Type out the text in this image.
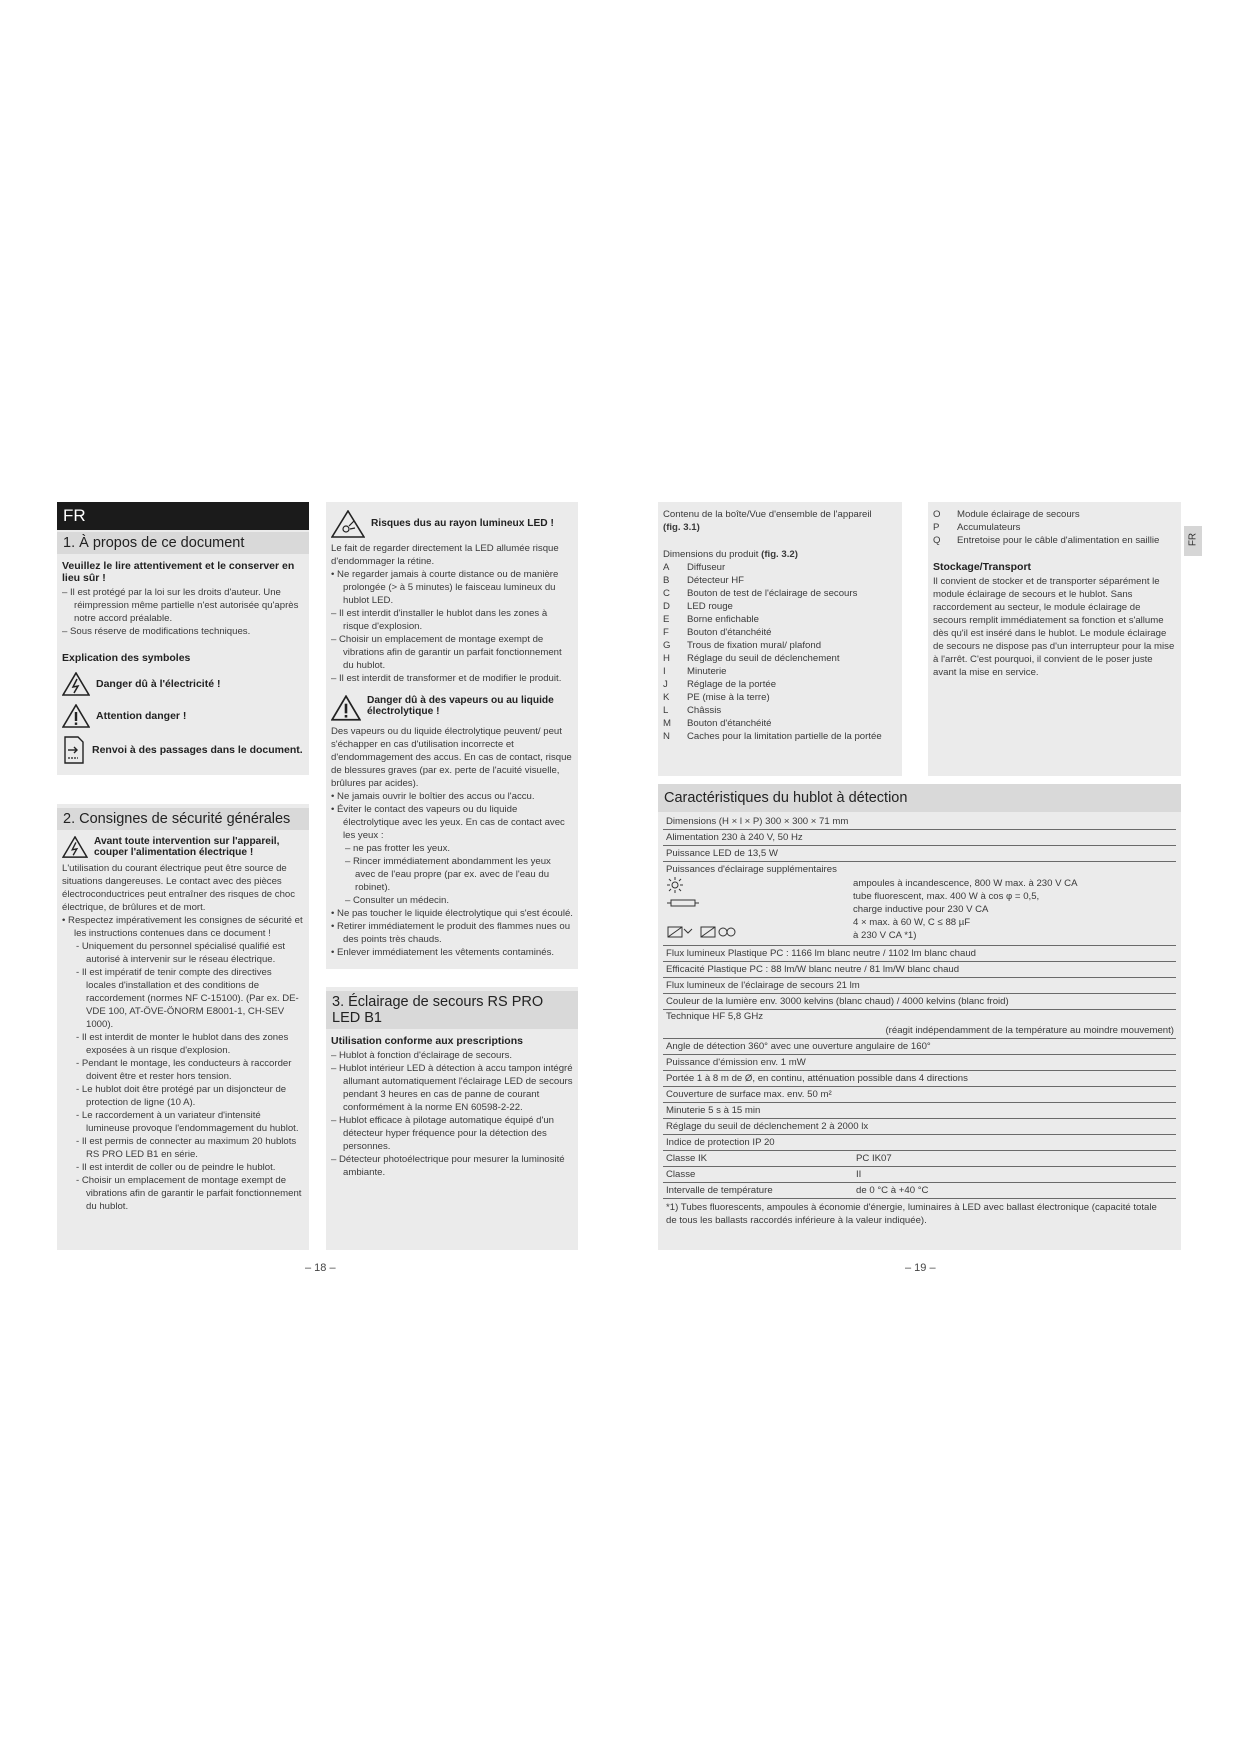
1. À propos de ce document
Veuillez le lire attentivement et le conserver en lieu sûr !

– Il est protégé par la loi sur les droits d'auteur. Une réimpression même partielle n'est autorisée qu'après notre accord préalable.

– Sous réserve de modifications techniques.

Explication des symboles
Danger dû à l'électricité !
Attention danger !
Renvoi à des passages dans le document.
FR
2. Consignes de sécurité générales
Avant toute intervention sur l'appareil, couper l'alimentation électrique !

L'utilisation du courant électrique peut être source de situations dangereuses. Le contact avec des pièces électroconductrices peut entraîner des risques de choc électrique, de brûlures et de mort.

• Respectez impérativement les consignes de sécurité et les instructions contenues dans ce document !

- Uniquement du personnel spécialisé qualifié est autorisé à intervenir sur le réseau électrique.

- Il est impératif de tenir compte des directives locales d'installation et des conditions de raccordement (normes NF C-15100). (Par ex. DE-VDE 100, AT-ÖVE-ÖNORM E8001-1, CH-SEV 1000).

- Il est interdit de monter le hublot dans des zones exposées à un risque d'explosion.

- Pendant le montage, les conducteurs à raccorder doivent être et rester hors tension.

- Le hublot doit être protégé par un disjoncteur de protection de ligne (10 A).

- Le raccordement à un variateur d'intensité lumineuse provoque l'endommagement du hublot.

- Il est permis de connecter au maximum 20 hublots RS PRO LED B1 en série.

- Il est interdit de coller ou de peindre le hublot.

- Choisir un emplacement de montage exempt de vibrations afin de garantir le parfait fonctionnement du hublot.

Risques dus au rayon lumineux LED !

Le fait de regarder directement la LED allumée risque d'endommager la rétine.

• Ne regarder jamais à courte distance ou de manière prolongée (> à 5 minutes) le faisceau lumineux du hublot LED.

– Il est interdit d'installer le hublot dans les zones à risque d'explosion.

– Choisir un emplacement de montage exempt de vibrations afin de garantir un parfait fonctionnement du hublot.

– Il est interdit de transformer et de modifier le produit.

Danger dû à des vapeurs ou au liquide électrolytique !

Des vapeurs ou du liquide électrolytique peuvent/ peut s'échapper en cas d'utilisation incorrecte et d'endommagement des accus. En cas de contact, risque de blessures graves (par ex. perte de l'acuité visuelle, brûlures par acides).

• Ne jamais ouvrir le boîtier des accus ou l'accu.

• Éviter le contact des vapeurs ou du liquide électrolytique avec les yeux. En cas de contact avec les yeux :

– ne pas frotter les yeux.

– Rincer immédiatement abondamment les yeux avec de l'eau propre (par ex. avec de l'eau du robinet).

– Consulter un médecin.

• Ne pas toucher le liquide électrolytique qui s'est écoulé.

• Retirer immédiatement le produit des flammes nues ou des points très chauds.

• Enlever immédiatement les vêtements contaminés.

3. Éclairage de secours RS PRO LED B1
Utilisation conforme aux prescriptions

– Hublot à fonction d'éclairage de secours.

– Hublot intérieur LED à détection à accu tampon intégré allumant automatiquement l'éclairage LED de secours pendant 3 heures en cas de panne de courant conformément à la norme EN 60598-2-22.

– Hublot efficace à pilotage automatique équipé d'un détecteur hyper fréquence pour la détection des personnes.

– Détecteur photoélectrique pour mesurer la luminosité ambiante.

– 18 –

Contenu de la boîte/Vue d'ensemble de l'appareil

(fig. 3.1)

Dimensions du produit (fig. 3.2)

A	Diffuseur
B	Détecteur HF
C	Bouton de test de l'éclairage de secours
D	LED rouge
E	Borne enfichable
F	Bouton d'étanchéité
G	Trous de fixation mural/ plafond
H	Réglage du seuil de déclenchement
I	Minuterie
J	Réglage de la portée
K	PE (mise à la terre)
L	Châssis
M	Bouton d'étanchéité
N	Caches pour la limitation partielle de la portée
O	Module éclairage de secours
P	Accumulateurs
Q	Entretoise pour le câble d'alimentation en saillie
Stockage/Transport

Il convient de stocker et de transporter séparément le module éclairage de secours et le hublot. Sans raccordement au secteur, le module éclairage de secours remplit immédiatement sa fonction et s'allume dès qu'il est inséré dans le hublot. Le module éclairage de secours ne dispose pas d'un interrupteur pour la mise à l'arrêt. C'est pourquoi, il convient de le poser juste avant la mise en service.

FR
Caractéristiques du hublot à détection
Dimensions (H × l × P) 300 × 300 × 71 mm
Alimentation 230 à 240 V, 50 Hz
Puissance LED de 13,5 W
Puissances d'éclairage supplémentaires
ampoules à incandescence, 800 W max. à 230 V CA
tube fluorescent, max. 400 W à cos φ = 0,5,
charge inductive pour 230 V CA
4 × max. à 60 W, C ≤ 88 µF
à 230 V CA *1)
Flux lumineux Plastique PC : 1166 lm blanc neutre / 1102 lm blanc chaud
Efficacité Plastique PC : 88 lm/W blanc neutre / 81 lm/W blanc chaud
Flux lumineux de l'éclairage de secours 21 lm
Couleur de la lumière env. 3000 kelvins (blanc chaud) / 4000 kelvins (blanc froid)
Technique HF 5,8 GHz
(réagit indépendamment de la température au moindre mouvement)
Angle de détection 360° avec une ouverture angulaire de 160°
Puissance d'émission env. 1 mW
Portée 1 à 8 m de Ø, en continu, atténuation possible dans 4 directions
Couverture de surface max. env. 50 m²
Minuterie 5 s à 15 min
Réglage du seuil de déclenchement 2 à 2000 lx
Indice de protection IP 20
Classe IK	PC IK07
Classe	II
Intervalle de température	de 0 °C à +40 °C

*1) Tubes fluorescents, ampoules à économie d'énergie, luminaires à LED avec ballast électronique (capacité totale de tous les ballasts raccordés inférieure à la valeur indiquée).

– 19 –
